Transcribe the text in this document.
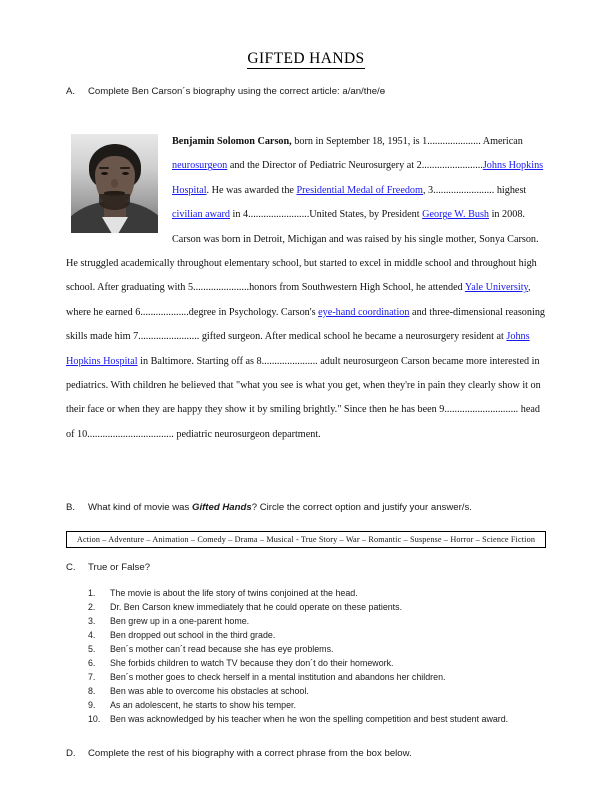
GIFTED HANDS
A. Complete Ben Carson´s biography using the correct article: a/an/the/ө
Benjamin Solomon Carson, born in September 18, 1951, is 1..................... American neurosurgeon and the Director of Pediatric Neurosurgery at 2........................Johns Hopkins Hospital. He was awarded the Presidential Medal of Freedom, 3........................ highest civilian award in 4........................United States, by President George W. Bush in 2008. Carson was born in Detroit, Michigan and was raised by his single mother, Sonya Carson. He struggled academically throughout elementary school, but started to excel in middle school and throughout high school. After graduating with 5......................honors from Southwestern High School, he attended Yale University, where he earned 6...................degree in Psychology. Carson's eye-hand coordination and three-dimensional reasoning skills made him 7........................ gifted surgeon. After medical school he became a neurosurgery resident at Johns Hopkins Hospital in Baltimore. Starting off as 8...................... adult neurosurgeon Carson became more interested in pediatrics. With children he believed that "what you see is what you get, when they're in pain they clearly show it on their face or when they are happy they show it by smiling brightly." Since then he has been 9............................. head of 10.................................. pediatric neurosurgeon department.
B. What kind of movie was Gifted Hands? Circle the correct option and justify your answer/s.
Action – Adventure – Animation – Comedy – Drama – Musical - True Story – War – Romantic – Suspense – Horror – Science Fiction
C. True or False?
1.	The movie is about the life story of twins conjoined at the head.
2.	Dr. Ben Carson knew immediately that he could operate on these patients.
3.	Ben grew up in a one-parent home.
4.	Ben dropped out school in the third grade.
5.	Ben´s mother can´t read because she has eye problems.
6.	She forbids children to watch TV because they don´t do their homework.
7.	Ben´s mother goes to check herself in a mental institution and abandons her children.
8.	Ben was able to overcome his obstacles at school.
9.	As an adolescent, he starts to show his temper.
10.	Ben was acknowledged by his teacher when he won the spelling competition and best student award.
D. Complete the rest of his biography with a correct phrase from the box below.
